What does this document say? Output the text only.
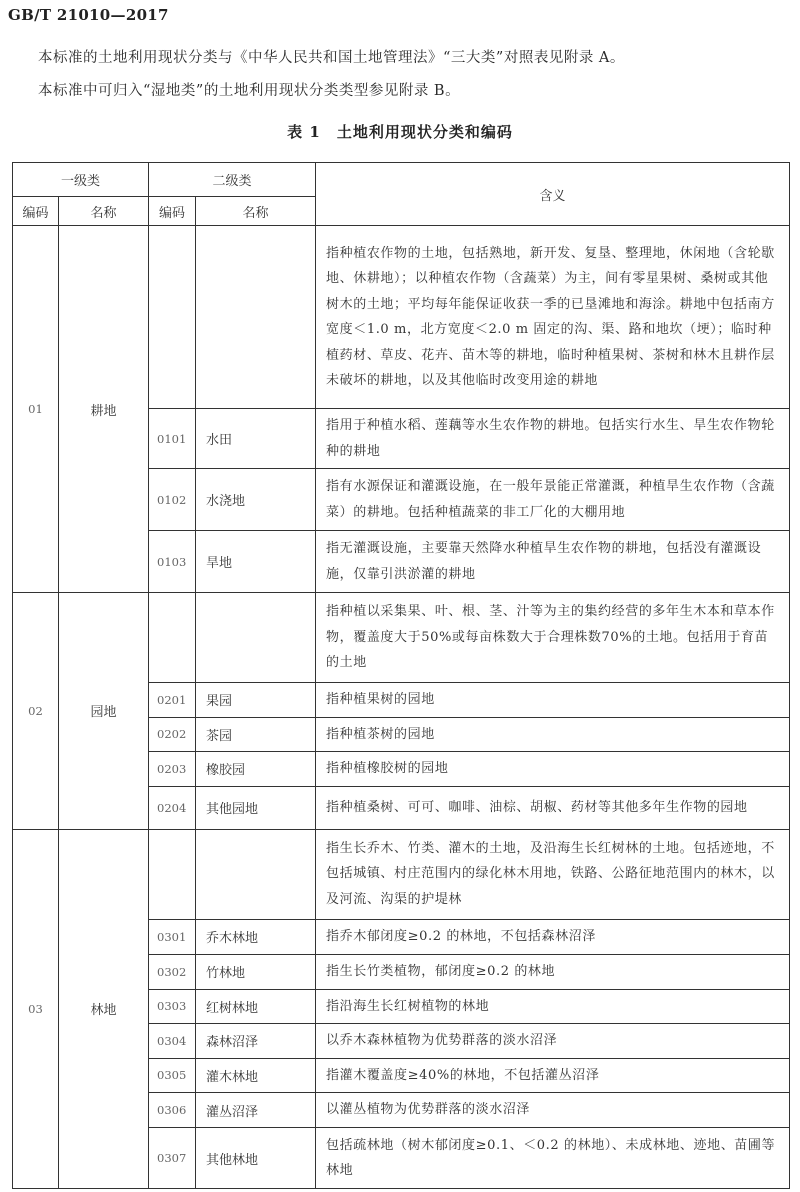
GB/T 21010—2017
本标准的土地利用现状分类与《中华人民共和国土地管理法》“三大类”对照表见附录 A。
本标准中可归入“湿地类”的土地利用现状分类类型参见附录 B。
表 1　土地利用现状分类和编码
一级类		二级类		含义
编码	名称	编码	名称	
01	耕地			指种植农作物的土地，包括熟地，新开发、复垦、整理地，休闲地（含轮歇地、休耕地）；以种植农作物（含蔬菜）为主，间有零星果树、桑树或其他树木的土地；平均每年能保证收获一季的已垦滩地和海涂。耕地中包括南方宽度＜1.0 m，北方宽度＜2.0 m 固定的沟、渠、路和地坎（埂）；临时种植药材、草皮、花卉、苗木等的耕地，临时种植果树、茶树和林木且耕作层未破坏的耕地，以及其他临时改变用途的耕地
		0101	水田	指用于种植水稻、莲藕等水生农作物的耕地。包括实行水生、旱生农作物轮种的耕地
		0102	水浇地	指有水源保证和灌溉设施，在一般年景能正常灌溉，种植旱生农作物（含蔬菜）的耕地。包括种植蔬菜的非工厂化的大棚用地
		0103	旱地	指无灌溉设施，主要靠天然降水种植旱生农作物的耕地，包括没有灌溉设施，仅靠引洪淤灌的耕地
02	园地			指种植以采集果、叶、根、茎、汁等为主的集约经营的多年生木本和草本作物，覆盖度大于50%或每亩株数大于合理株数70%的土地。包括用于育苗的土地
		0201	果园	指种植果树的园地
		0202	茶园	指种植茶树的园地
		0203	橡胶园	指种植橡胶树的园地
		0204	其他园地	指种植桑树、可可、咖啡、油棕、胡椒、药材等其他多年生作物的园地
03	林地			指生长乔木、竹类、灌木的土地，及沿海生长红树林的土地。包括迹地，不包括城镇、村庄范围内的绿化林木用地，铁路、公路征地范围内的林木，以及河流、沟渠的护堤林
		0301	乔木林地	指乔木郁闭度≥0.2 的林地，不包括森林沼泽
		0302	竹林地	指生长竹类植物，郁闭度≥0.2 的林地
		0303	红树林地	指沿海生长红树植物的林地
		0304	森林沼泽	以乔木森林植物为优势群落的淡水沼泽
		0305	灌木林地	指灌木覆盖度≥40%的林地，不包括灌丛沼泽
		0306	灌丛沼泽	以灌丛植物为优势群落的淡水沼泽
		0307	其他林地	包括疏林地（树木郁闭度≥0.1、＜0.2 的林地）、未成林地、迹地、苗圃等林地
